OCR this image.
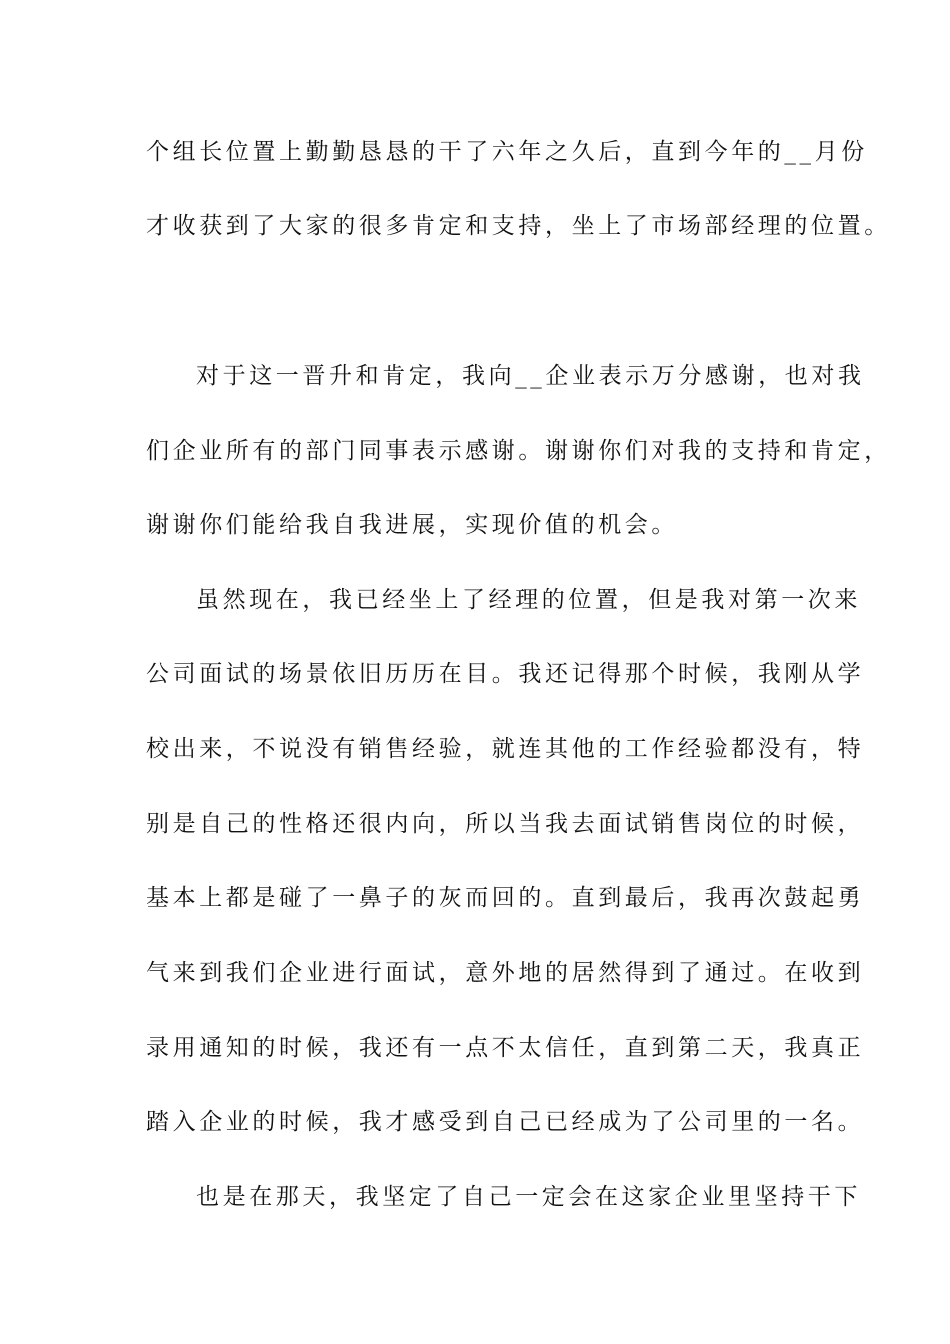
个组长位置上勤勤恳恳的干了六年之久后，直到今年的__月份
才收获到了大家的很多肯定和支持，坐上了市场部经理的位置。
对于这一晋升和肯定，我向__企业表示万分感谢，也对我
们企业所有的部门同事表示感谢。谢谢你们对我的支持和肯定，
谢谢你们能给我自我进展，实现价值的机会。
虽然现在，我已经坐上了经理的位置，但是我对第一次来
公司面试的场景依旧历历在目。我还记得那个时候，我刚从学
校出来，不说没有销售经验，就连其他的工作经验都没有，特
别是自己的性格还很内向，所以当我去面试销售岗位的时候，
基本上都是碰了一鼻子的灰而回的。直到最后，我再次鼓起勇
气来到我们企业进行面试，意外地的居然得到了通过。在收到
录用通知的时候，我还有一点不太信任，直到第二天，我真正
踏入企业的时候，我才感受到自己已经成为了公司里的一名。
也是在那天，我坚定了自己一定会在这家企业里坚持干下
